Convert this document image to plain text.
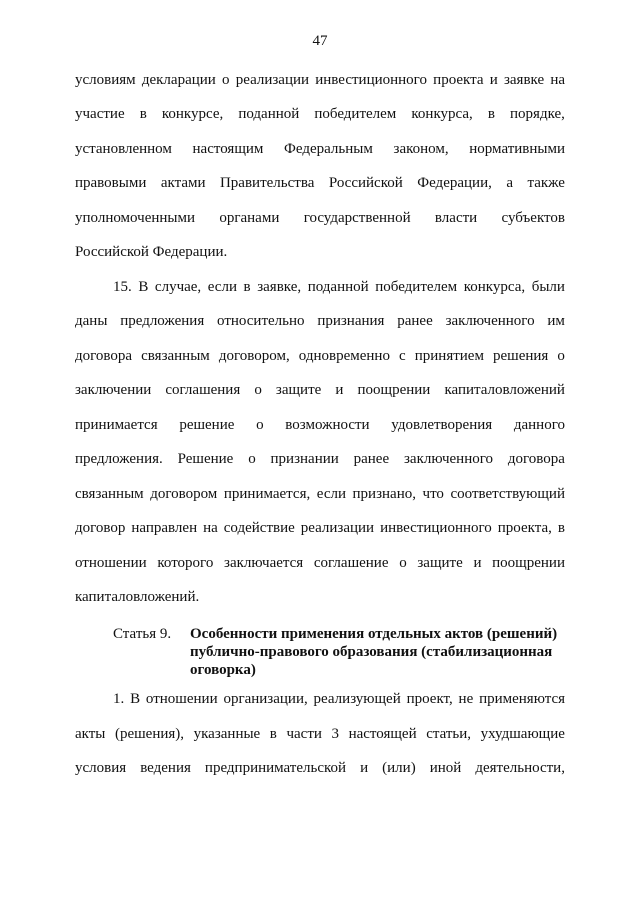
47
условиям декларации о реализации инвестиционного проекта и заявке на
участие в конкурсе, поданной победителем конкурса, в порядке,
установленном настоящим Федеральным законом, нормативными
правовыми актами Правительства Российской Федерации, а также
уполномоченными органами государственной власти субъектов
Российской Федерации.
15. В случае, если в заявке, поданной победителем конкурса, были
даны предложения относительно признания ранее заключенного им
договора связанным договором, одновременно с принятием решения о
заключении соглашения о защите и поощрении капиталовложений
принимается решение о возможности удовлетворения данного
предложения. Решение о признании ранее заключенного договора
связанным договором принимается, если признано, что соответствующий
договор направлен на содействие реализации инвестиционного проекта, в
отношении которого заключается соглашение о защите и поощрении
капиталовложений.
Статья 9. Особенности применения отдельных актов (решений)
публично-правового образования (стабилизационная
оговорка)
1. В отношении организации, реализующей проект, не применяются
акты (решения), указанные в части 3 настоящей статьи, ухудшающие
условия ведения предпринимательской и (или) иной деятельности,
